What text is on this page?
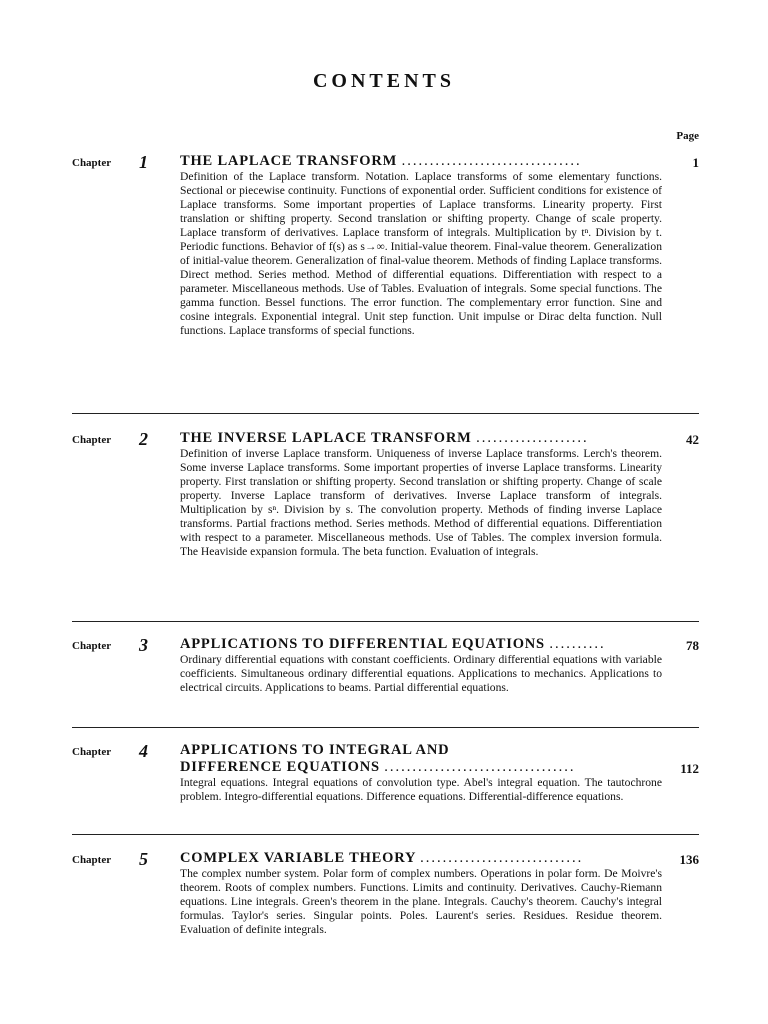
CONTENTS
Page
Chapter 1 THE LAPLACE TRANSFORM ................................

Definition of the Laplace transform. Notation. Laplace transforms of some elementary functions. Sectional or piecewise continuity. Functions of exponential order. Sufficient conditions for existence of Laplace transforms. Some important properties of Laplace transforms. Linearity property. First translation or shifting property. Second translation or shifting property. Change of scale property. Laplace transform of derivatives. Laplace transform of integrals. Multiplication by tⁿ. Division by t. Periodic functions. Behavior of f(s) as s→∞. Initial-value theorem. Final-value theorem. Generalization of initial-value theorem. Generalization of final-value theorem. Methods of finding Laplace transforms. Direct method. Series method. Method of differential equations. Differentiation with respect to a parameter. Miscellaneous methods. Use of Tables. Evaluation of integrals. Some special functions. The gamma function. Bessel functions. The error function. The complementary error function. Sine and cosine integrals. Exponential integral. Unit step function. Unit impulse or Dirac delta function. Null functions. Laplace transforms of special functions.

1
Chapter 2 THE INVERSE LAPLACE TRANSFORM ....................

Definition of inverse Laplace transform. Uniqueness of inverse Laplace transforms. Lerch's theorem. Some inverse Laplace transforms. Some important properties of inverse Laplace transforms. Linearity property. First translation or shifting property. Second translation or shifting property. Change of scale property. Inverse Laplace transform of derivatives. Inverse Laplace transform of integrals. Multiplication by sⁿ. Division by s. The convolution property. Methods of finding inverse Laplace transforms. Partial fractions method. Series methods. Method of differential equations. Differentiation with respect to a parameter. Miscellaneous methods. Use of Tables. The complex inversion formula. The Heaviside expansion formula. The beta function. Evaluation of integrals.

42
Chapter 3 APPLICATIONS TO DIFFERENTIAL EQUATIONS ..........

Ordinary differential equations with constant coefficients. Ordinary differential equations with variable coefficients. Simultaneous ordinary differential equations. Applications to mechanics. Applications to electrical circuits. Applications to beams. Partial differential equations.

78
Chapter 4 APPLICATIONS TO INTEGRAL AND
DIFFERENCE EQUATIONS ..................................

Integral equations. Integral equations of convolution type. Abel's integral equation. The tautochrone problem. Integro-differential equations. Difference equations. Differential-difference equations.

112
Chapter 5 COMPLEX VARIABLE THEORY .............................

The complex number system. Polar form of complex numbers. Operations in polar form. De Moivre's theorem. Roots of complex numbers. Functions. Limits and continuity. Derivatives. Cauchy-Riemann equations. Line integrals. Green's theorem in the plane. Integrals. Cauchy's theorem. Cauchy's integral formulas. Taylor's series. Singular points. Poles. Laurent's series. Residues. Residue theorem. Evaluation of definite integrals.

136
